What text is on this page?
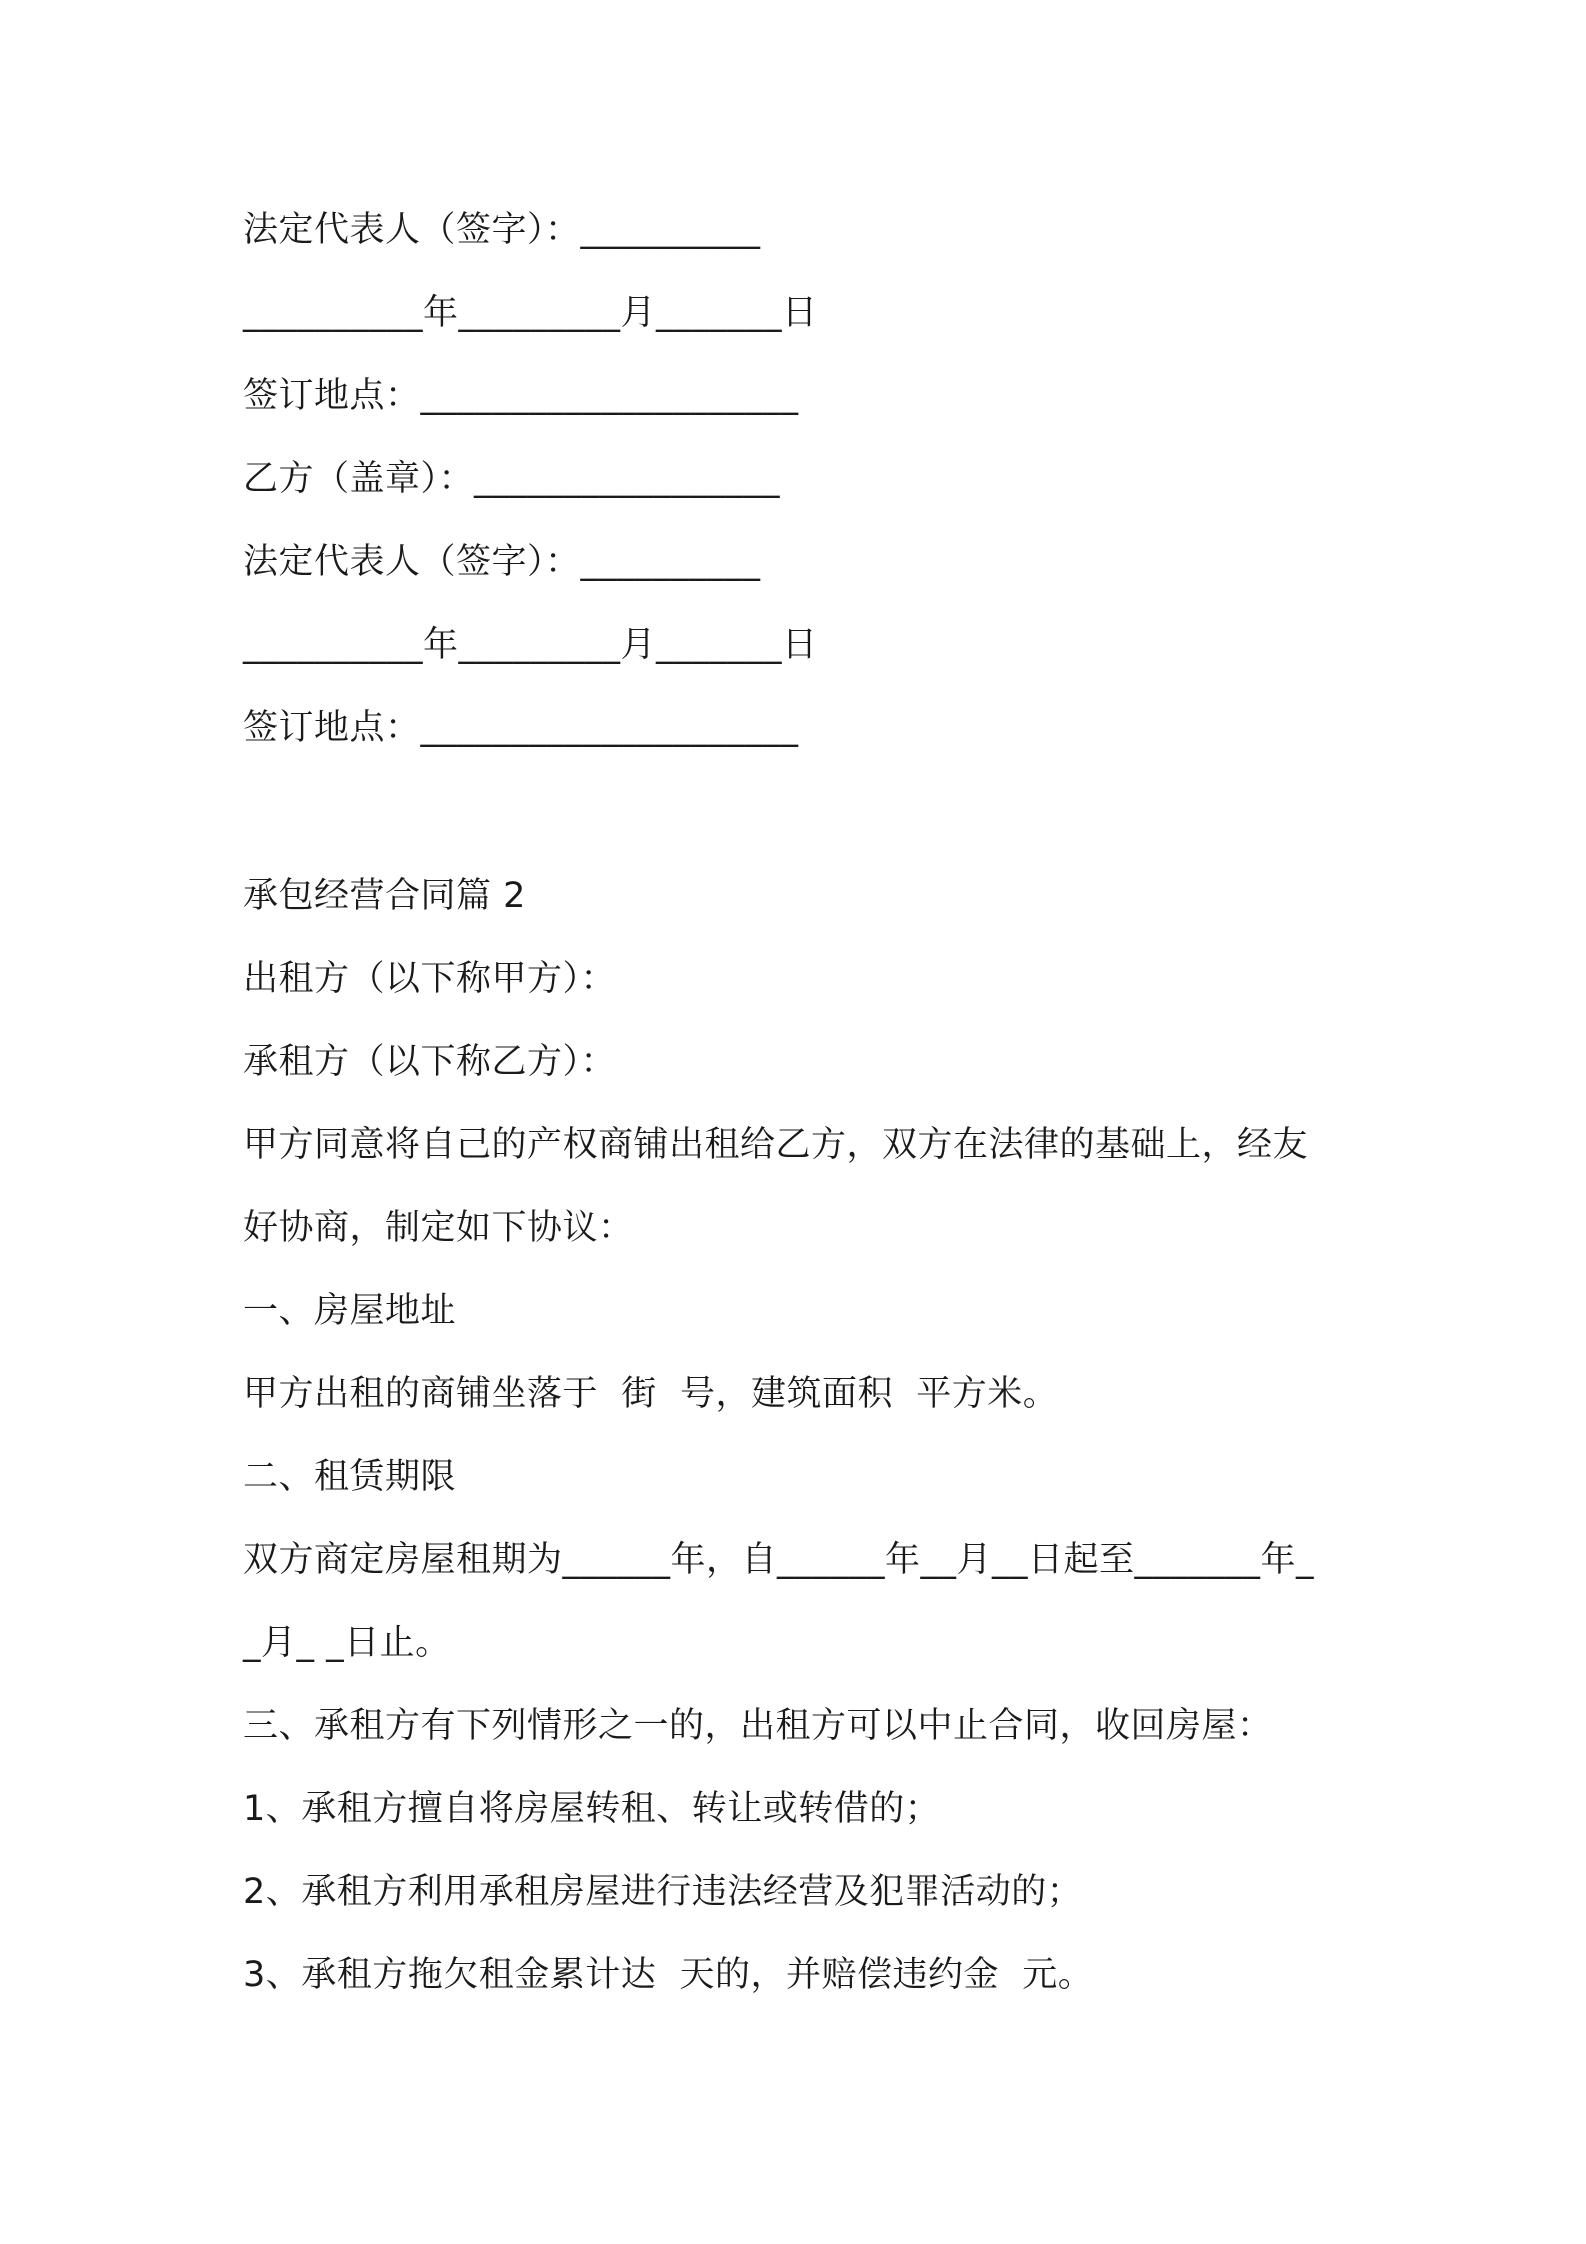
法定代表人（签字）：__________
__________年_________月_______日
签订地点：_____________________
乙方（盖章）：_________________
法定代表人（签字）：__________
__________年_________月_______日
签订地点：_____________________
承包经营合同篇 2
出租方（以下称甲方）：
承租方（以下称乙方）：
甲方同意将自己的产权商铺出租给乙方，双方在法律的基础上，经友
好协商，制定如下协议：
一、房屋地址
甲方出租的商铺坐落于  街  号，建筑面积  平方米。
二、租赁期限
双方商定房屋租期为______年，自______年__月__日起至_______年_
_月_ _日止。
三、承租方有下列情形之一的，出租方可以中止合同，收回房屋：
1、承租方擅自将房屋转租、转让或转借的；
2、承租方利用承租房屋进行违法经营及犯罪活动的；
3、承租方拖欠租金累计达  天的，并赔偿违约金  元。
